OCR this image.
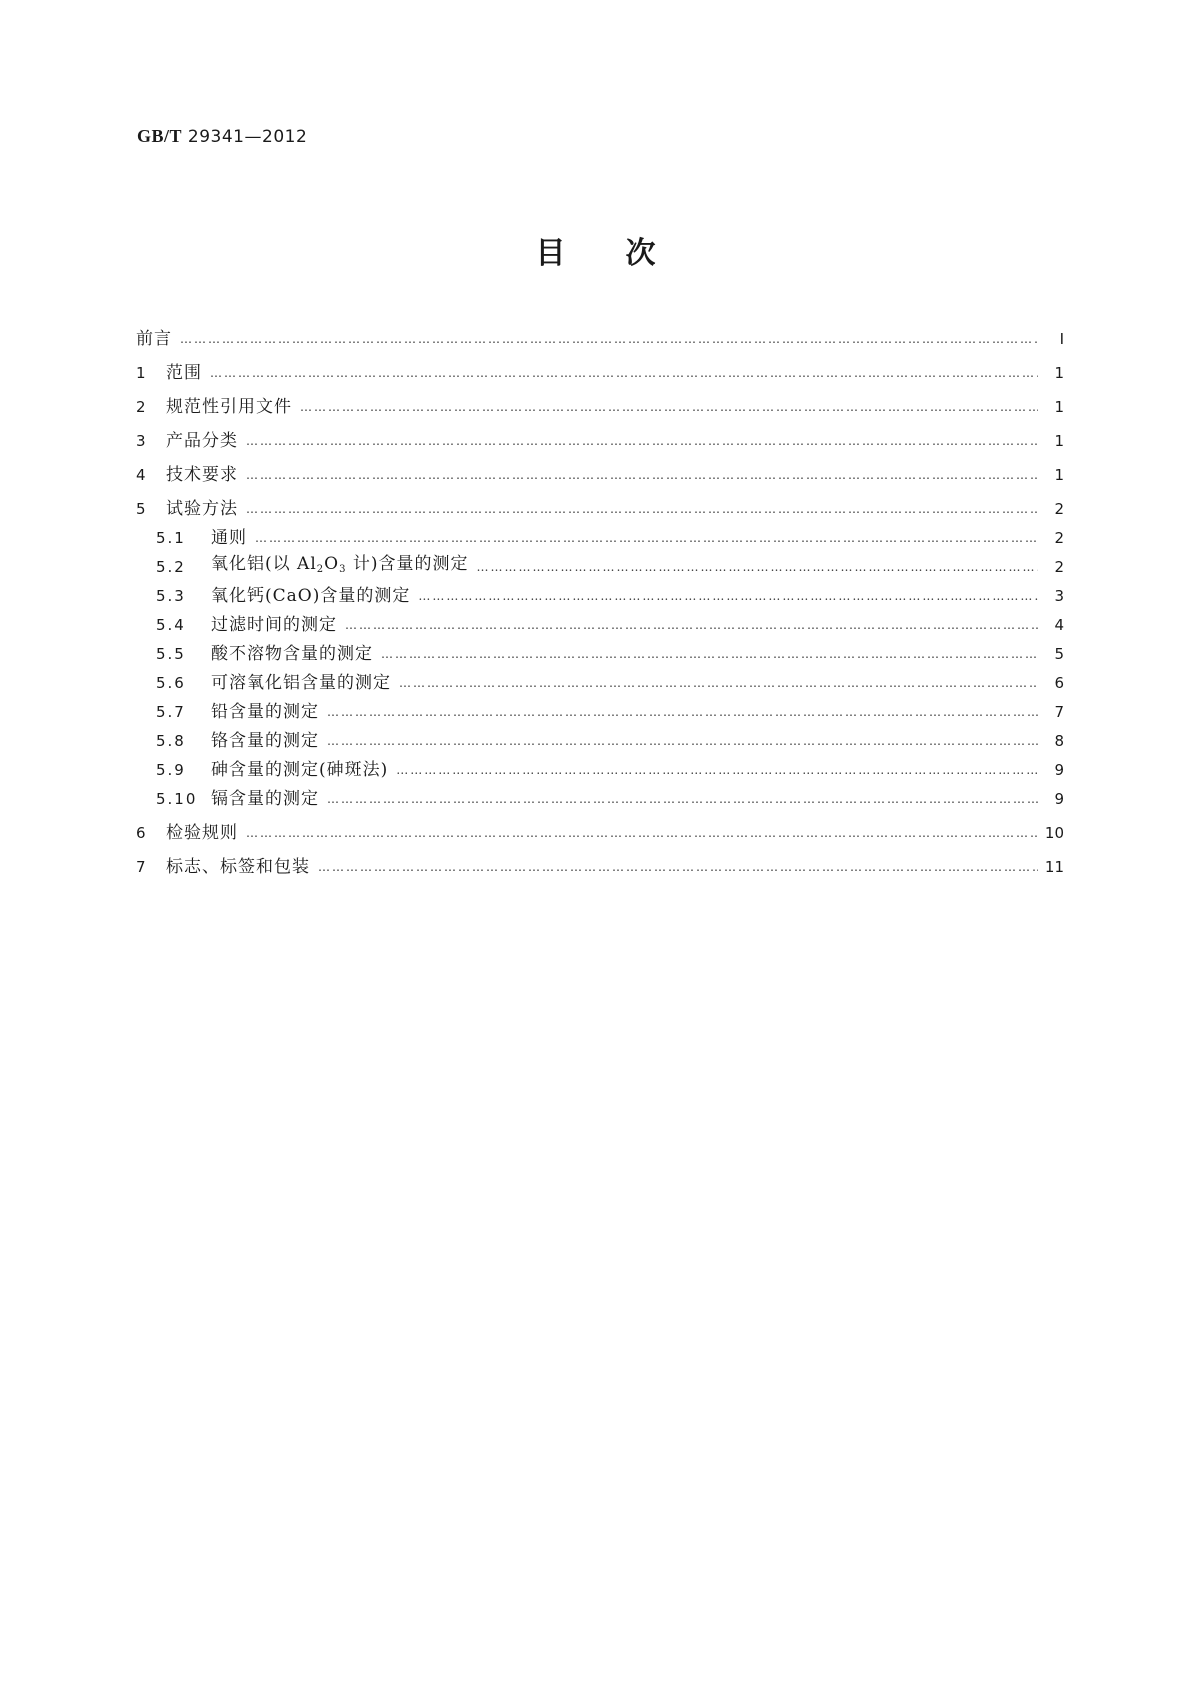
GB/T 29341—2012
目次
前言 ……………………………………………………………………………………………………………………………………………………………………………………………………………………………………………………………	Ⅰ
1	范围 ……………………………………………………………………………………………………………………………………………………………………………………………………………………………………………………………	1
2	规范性引用文件 ……………………………………………………………………………………………………………………………………………………………………………………………………………………………………………………………	1
3	产品分类 ……………………………………………………………………………………………………………………………………………………………………………………………………………………………………………………………	1
4	技术要求 ……………………………………………………………………………………………………………………………………………………………………………………………………………………………………………………………	1
5	试验方法 ……………………………………………………………………………………………………………………………………………………………………………………………………………………………………………………………	2
5.1	通则 ……………………………………………………………………………………………………………………………………………………………………………………………………………………………………………………………	2
5.2	氧化铝(以 $Al_2O_3$ 计)含量的测定 ……………………………………………………………………………………………………………………………………………………………………………………………………………………………………………………………	2
5.3	氧化钙(CaO)含量的测定 ……………………………………………………………………………………………………………………………………………………………………………………………………………………………………………………………	3
5.4	过滤时间的测定 ……………………………………………………………………………………………………………………………………………………………………………………………………………………………………………………………	4
5.5	酸不溶物含量的测定 ……………………………………………………………………………………………………………………………………………………………………………………………………………………………………………………………	5
5.6	可溶氧化铝含量的测定 ……………………………………………………………………………………………………………………………………………………………………………………………………………………………………………………………	6
5.7	铅含量的测定 ……………………………………………………………………………………………………………………………………………………………………………………………………………………………………………………………	7
5.8	铬含量的测定 ……………………………………………………………………………………………………………………………………………………………………………………………………………………………………………………………	8
5.9	砷含量的测定(砷斑法) ……………………………………………………………………………………………………………………………………………………………………………………………………………………………………………………………	9
5.10 镉含量的测定 ……………………………………………………………………………………………………………………………………………………………………………………………………………………………………………………………	9
6	检验规则 ……………………………………………………………………………………………………………………………………………………………………………………………………………………………………………………………	10
7	标志、标签和包装 ……………………………………………………………………………………………………………………………………………………………………………………………………………………………………………………………	11
